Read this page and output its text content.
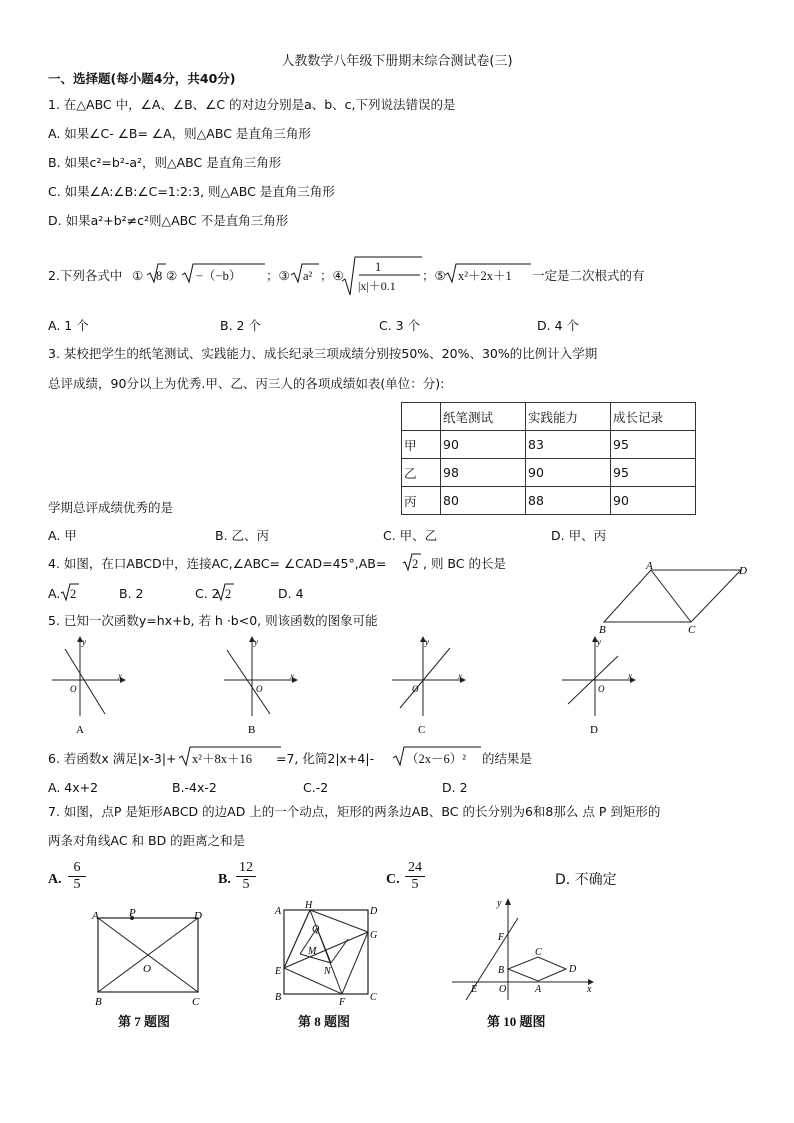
人教数学八年级下册期末综合测试卷(三)
一、选择题(每小题4分，共40分)
1. 在△ABC 中，∠A、∠B、∠C 的对边分别是a、b、c,下列说法错误的是
A. 如果∠C- ∠B= ∠A，则△ABC 是直角三角形
B. 如果c²=b²-a²，则△ABC 是直角三角形
C. 如果∠A:∠B:∠C=1:2:3, 则△ABC 是直角三角形
D. 如果a²+b²≠c²则△ABC 不是直角三角形
2.下列各式中 ① 8 ② −（−b） ；③ a² ；④
1
|x|＋0.1
；⑤ x²＋2x＋1 一定是二次根式的有
A. 1 个	B. 2 个	C. 3 个	D. 4 个
3. 某校把学生的纸笔测试、实践能力、成长纪录三项成绩分别按50%、20%、30%的比例计入学期
总评成绩，90分以上为优秀.甲、乙、丙三人的各项成绩如表(单位：分):
	纸笔测试	实践能力	成长记录
甲	90	83	95
乙	98	90	95
丙	80	88	90
学期总评成绩优秀的是
A. 甲	B. 乙、丙	C. 甲、乙	D. 甲、丙
4. 如图，在口ABCD中，连接AC,∠ABC= ∠CAD=45°,AB= 2 , 则 BC 的长是
A. 2	B. 2	C. 2 2	D. 4
A	D
B	C
5. 已知一次函数y=hx+b, 若 h ·b<0, 则该函数的图象可能
y
x
O
A
y
x
O
B
y
x
O
C
y
x
O
D
6. 若函数x 满足|x-3|+ x²＋8x＋16 =7, 化简2|x+4|-	（2x－6）² 的结果是
A. 4x+2	B.-4x-2	C.-2	D. 2
7. 如图，点P 是矩形ABCD 的边AD 上的一个动点，矩形的两条边AB、BC 的长分别为6和8那么 点 P 到矩形的
两条对角线AC 和 BD 的距离之和是
A. $\frac{6}{5}$	B. $\frac{12}{5}$	C. $\frac{24}{5}$	D. 不确定
A	P	D
O
B	C
第 7 题图
A
H
D
Q
G
M
E	N
B	F C
第 8 题图
y
F
C
B	D
E O	A	x
第 10 题图
